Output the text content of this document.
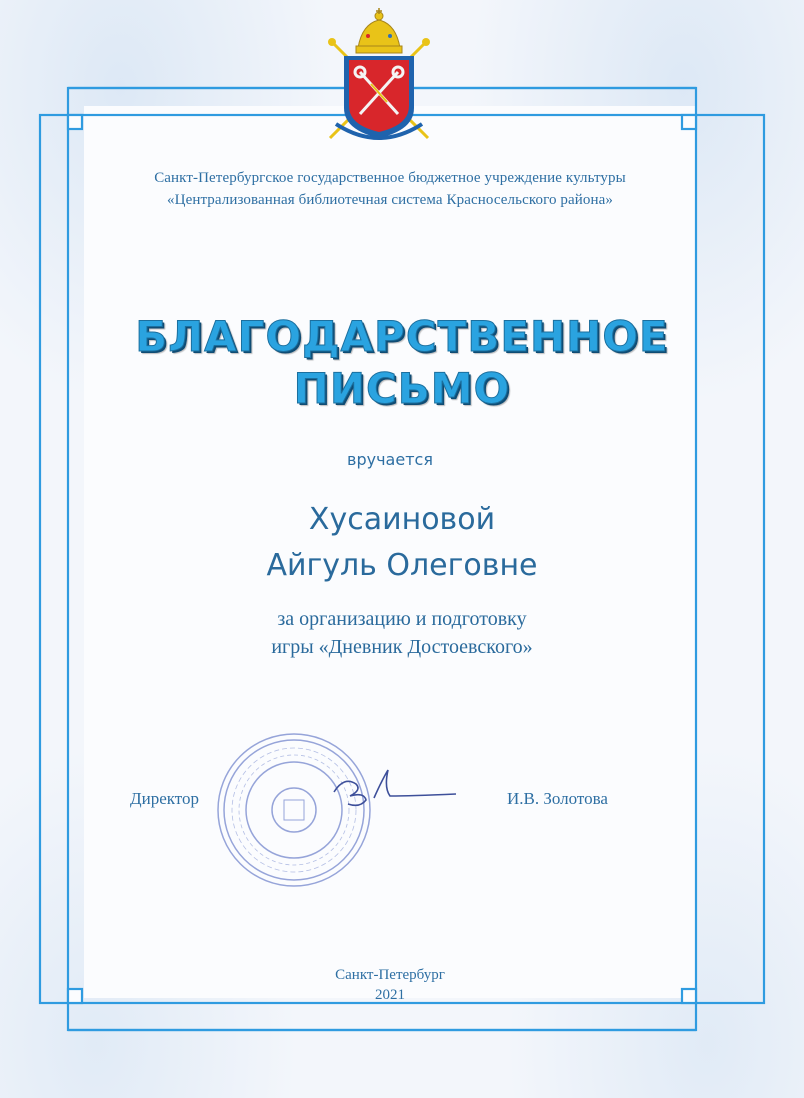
Санкт-Петербургское государственное бюджетное учреждение культуры
«Централизованная библиотечная система Красносельского района»
БЛАГОДАРСТВЕННОЕ
ПИСЬМО
вручается
Хусаиновой
Айгуль Олеговне
за организацию и подготовку
игры «Дневник Достоевского»
Директор	И.В. Золотова
Санкт-Петербург
2021
